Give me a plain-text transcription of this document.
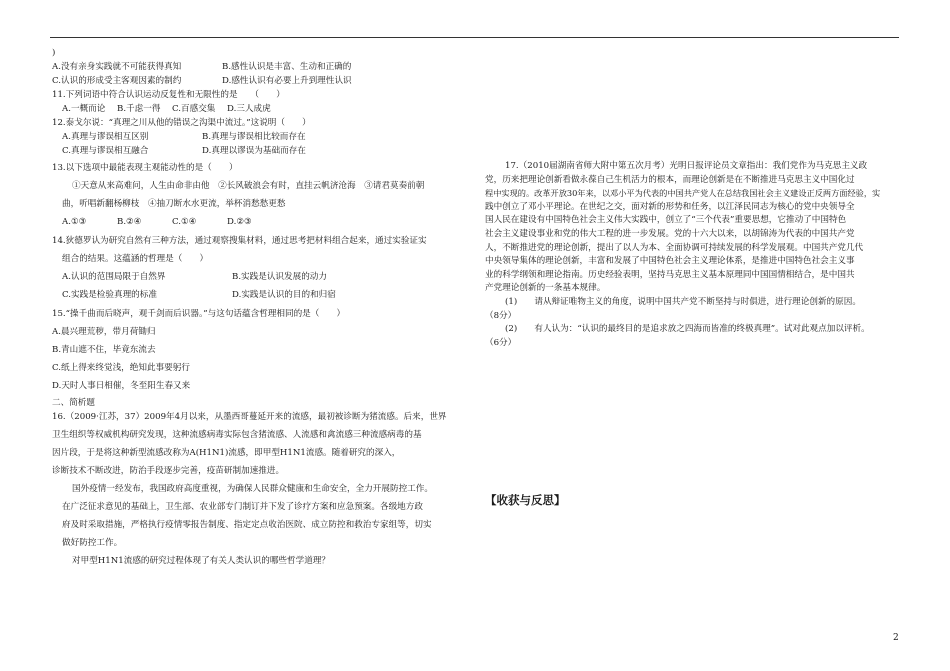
)
A.没有亲身实践就不可能获得真知	B.感性认识是丰富、生动和正确的
C.认识的形成受主客观因素的制约	D.感性认识有必要上升到理性认识
11.下列词语中符合认识运动反复性和无限性的是　　（　　）
A.一概而论	B.千虑一得	C.百感交集	D.三人成虎
12.泰戈尔说：“真理之川从他的错误之沟渠中流过。”这说明（　　）
A.真理与谬误相互区别	B.真理与谬误相比较而存在
C.真理与谬误相互融合	D.真理以谬误为基础而存在
13.以下选项中最能表现主观能动性的是（　　）
①天意从来高难问，人生由命非由他　②长风破浪会有时，直挂云帆济沧海　③请君莫奏前朝
曲，听唱新翻杨柳枝　④抽刀断水水更流，举杯消愁愁更愁
A.①③	B.②④	C.①④	D.②③
14.狄德罗认为研究自然有三种方法，通过观察搜集材料，通过思考把材料组合起来，通过实验证实
组合的结果。这蕴涵的哲理是（　　）
A.认识的范围局限于自然界	B.实践是认识发展的动力
C.实践是检验真理的标准	D.实践是认识的目的和归宿
15.“操千曲而后晓声，观千剑而后识器。”与这句话蕴含哲理相同的是（　　）
A.晨兴理荒秽，带月荷锄归
B.青山遮不住，毕竟东流去
C.纸上得来终觉浅，绝知此事要躬行
D.天时人事日相催，冬至阳生春又来
二、简析题
16.（2009·江苏，37）2009年4月以来，从墨西哥蔓延开来的流感，最初被诊断为猪流感。后来，世界
卫生组织等权威机构研究发现，这种流感病毒实际包含猪流感、人流感和禽流感三种流感病毒的基
因片段，于是将这种新型流感改称为A(H1N1)流感，即甲型H1N1流感。随着研究的深入，
诊断技术不断改进，防治手段逐步完善，疫苗研制加速推进。
国外疫情一经发布，我国政府高度重视，为确保人民群众健康和生命安全，全力开展防控工作。
在广泛征求意见的基础上，卫生部、农业部专门制订并下发了诊疗方案和应急预案。各级地方政
府及时采取措施，严格执行疫情零报告制度、指定定点收治医院、成立防控和救治专家组等，切实
做好防控工作。
对甲型H1N1流感的研究过程体现了有关人类认识的哪些哲学道理？
17.（2010届湖南省师大附中第五次月考）光明日报评论员文章指出：我们党作为马克思主义政
党，历来把理论创新看做永葆自己生机活力的根本，而理论创新是在不断推进马克思主义中国化过
程中实现的。改革开放30年来，以邓小平为代表的中国共产党人在总结我国社会主义建设正反两方面经验，实
践中创立了邓小平理论。在世纪之交，面对新的形势和任务，以江泽民同志为核心的党中央领导全
国人民在建设有中国特色社会主义伟大实践中，创立了“三个代表”重要思想，它推动了中国特色
社会主义建设事业和党的伟大工程的进一步发展。党的十六大以来，以胡锦涛为代表的中国共产党
人，不断推进党的理论创新，提出了以人为本、全面协调可持续发展的科学发展观。中国共产党几代
中央领导集体的理论创新，丰富和发展了中国特色社会主义理论体系，是推进中国特色社会主义事
业的科学纲领和理论指南。历史经验表明，坚持马克思主义基本原理同中国国情相结合，是中国共
产党理论创新的一条基本规律。
(1)　　请从辩证唯物主义的角度，说明中国共产党不断坚持与时俱进，进行理论创新的原因。
（8分）
(2)　　有人认为：“认识的最终目的是追求放之四海而皆准的终极真理”。试对此观点加以评析。
（6分）
【收获与反思】
2
